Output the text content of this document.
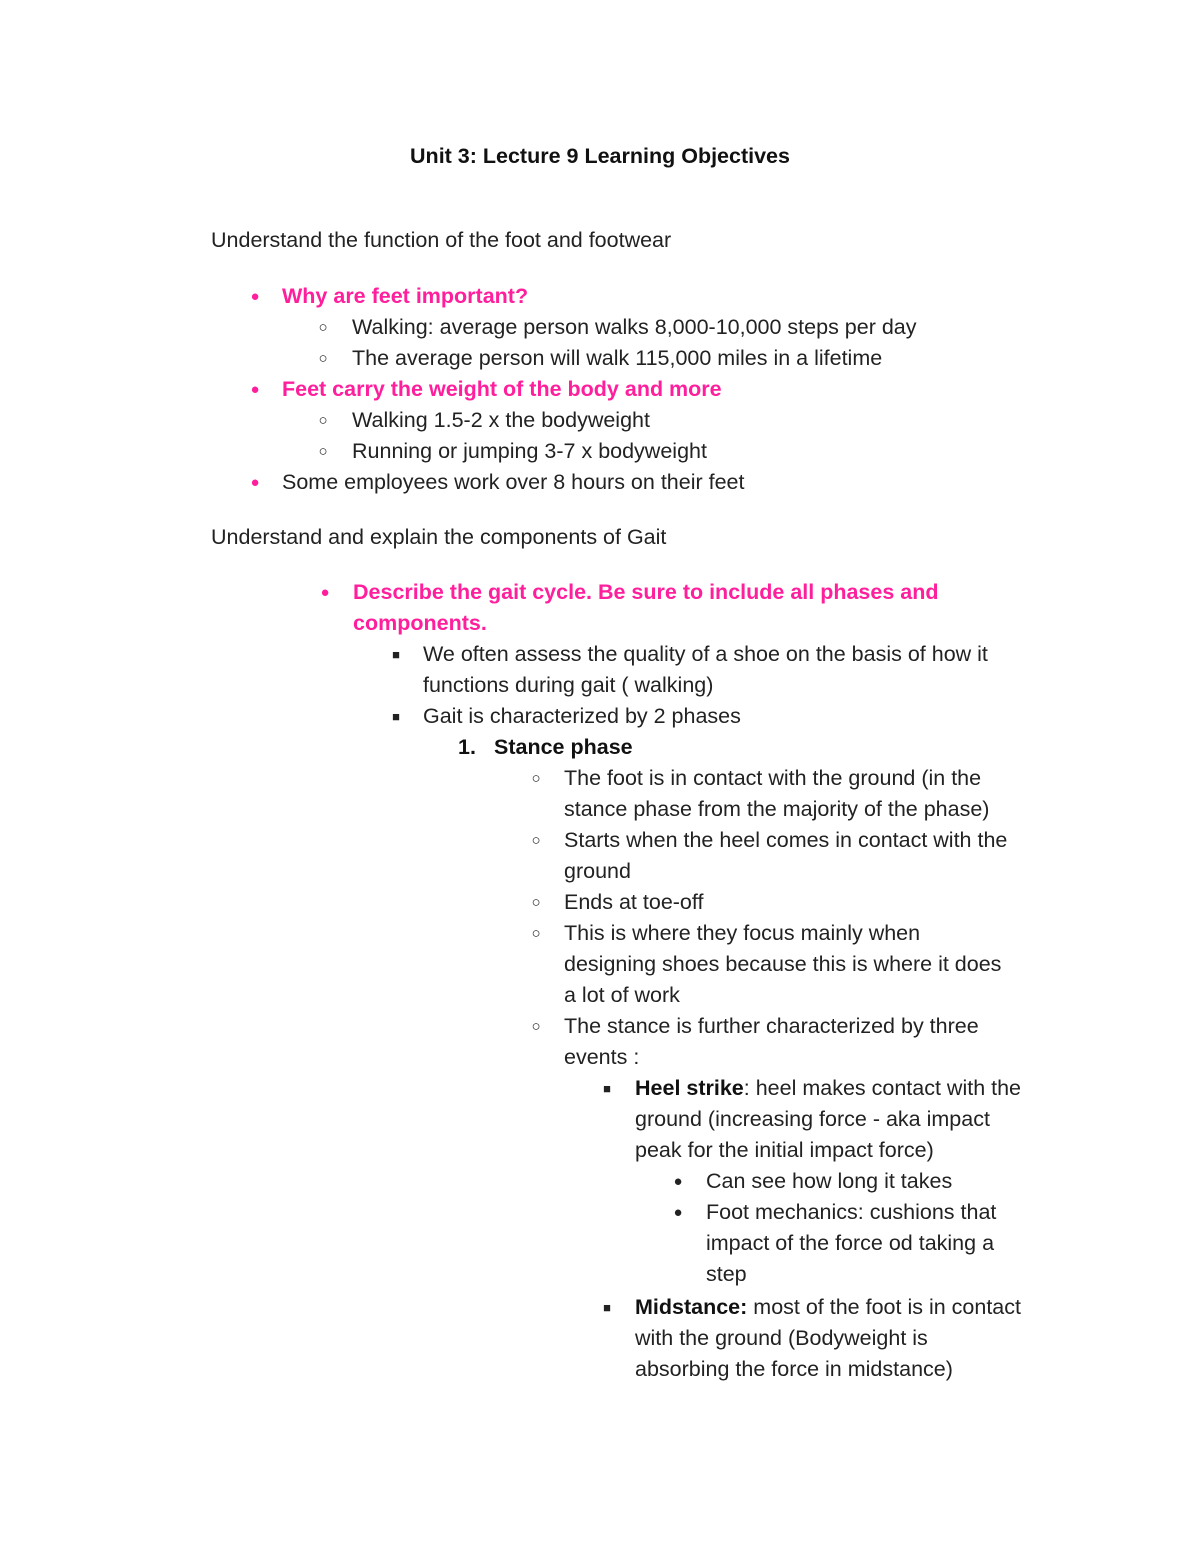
Unit 3: Lecture 9 Learning Objectives
Understand the function of the foot and footwear
● Why are feet important?
○ Walking: average person walks 8,000-10,000 steps per day
○ The average person will walk 115,000 miles in a lifetime
● Feet carry the weight of the body and more
○ Walking 1.5-2 x the bodyweight
○ Running or jumping 3-7 x bodyweight
● Some employees work over 8 hours on their feet
Understand and explain the components of Gait
● Describe the gait cycle. Be sure to include all phases and
components.
■ We often assess the quality of a shoe on the basis of how it
functions during gait ( walking)
■ Gait is characterized by 2 phases
1. Stance phase
○ The foot is in contact with the ground (in the
stance phase from the majority of the phase)
○ Starts when the heel comes in contact with the
ground
○ Ends at toe-off
○ This is where they focus mainly when
designing shoes because this is where it does
a lot of work
○ The stance is further characterized by three
events :
■ Heel strike: heel makes contact with the
ground (increasing force - aka impact
peak for the initial impact force)
● Can see how long it takes
● Foot mechanics: cushions that
impact of the force od taking a
step
■ Midstance: most of the foot is in contact
with the ground (Bodyweight is
absorbing the force in midstance)
